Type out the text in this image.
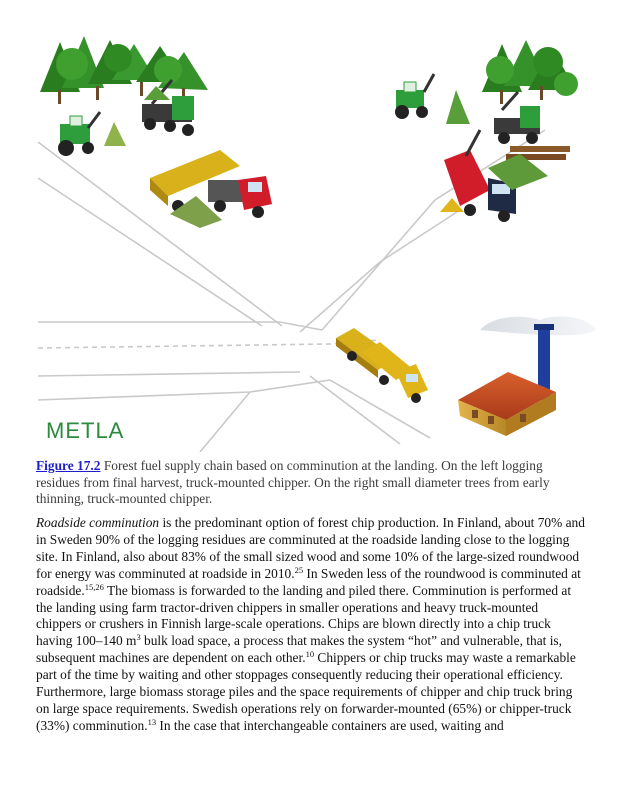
METLA
Figure 17.2 Forest fuel supply chain based on comminution at the landing. On the left logging residues from final harvest, truck-mounted chipper. On the right small diameter trees from early thinning, truck-mounted chipper.

Roadside comminution is the predominant option of forest chip production. In Finland, about 70% and in Sweden 90% of the logging residues are comminuted at the roadside landing close to the logging site. In Finland, also about 83% of the small sized wood and some 10% of the large-sized roundwood for energy was comminuted at roadside in 2010.25 In Sweden less of the roundwood is comminuted at roadside.$^{15,26}$ The biomass is forwarded to the landing and piled there. Comminution is performed at the landing using farm tractor-driven chippers in smaller operations and heavy truck-mounted chippers or crushers in Finnish large-scale operations. Chips are blown directly into a chip truck having 100–140 $m^3$ bulk load space, a process that makes the system “hot” and vulnerable, that is, subsequent machines are dependent on each other.$^{10}$ Chippers or chip trucks may waste a remarkable part of the time by waiting and other stoppages consequently reducing their operational efficiency. Furthermore, large biomass storage piles and the space requirements of chipper and chip truck bring on large space requirements. Swedish operations rely on forwarder-mounted (65%) or chipper-truck (33%) comminution.$^{13}$ In the case that interchangeable containers are used, waiting and
